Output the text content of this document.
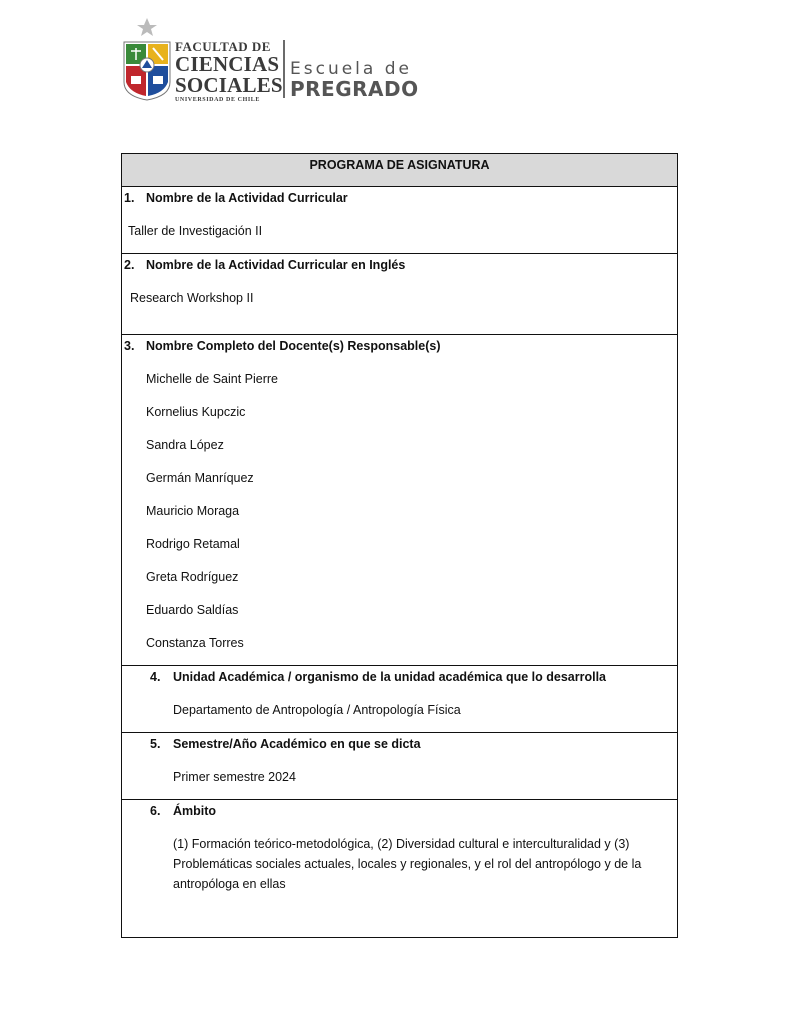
FACULTAD DE
CIENCIAS
SOCIALES
UNIVERSIDAD DE CHILE
Escuela de
PREGRADO
PROGRAMA DE ASIGNATURA
1. Nombre de la Actividad Curricular
Taller de Investigación II
2. Nombre de la Actividad Curricular en Inglés
Research Workshop II
3. Nombre Completo del Docente(s) Responsable(s)
Michelle de Saint Pierre
Kornelius Kupczic
Sandra López
Germán Manríquez
Mauricio Moraga
Rodrigo Retamal
Greta Rodríguez
Eduardo Saldías
Constanza Torres
4. Unidad Académica / organismo de la unidad académica que lo desarrolla
Departamento de Antropología / Antropología Física
5. Semestre/Año Académico en que se dicta
Primer semestre 2024
6. Ámbito
(1) Formación teórico-metodológica, (2) Diversidad cultural e interculturalidad y (3) Problemáticas sociales actuales, locales y regionales, y el rol del antropólogo y de la antropóloga en ellas
